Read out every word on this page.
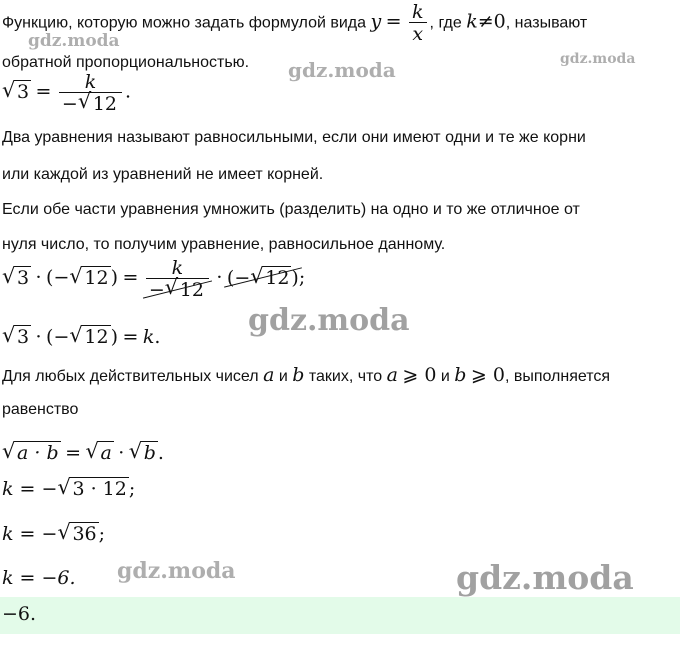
Функцию, которую можно задать формулой вида $y = \frac{k}{x}$ , где k≠0, называют
обратной пропорциональностью.
√ $3 = \frac{k}{- √ 12}$ .
Два уравнения называют равносильными, если они имеют одни и те же корни
или каждой из уравнений не имеет корней.
Если обе части уравнения умножить (разделить) на одно и то же отличное от
нуля число, то получим уравнение, равносильное данному.
√ 3 · (− √ 12 ) = $\frac{k}{- √ 12}$ · (− √ 12 );
√ 3 · (− √ 12 ) = k.
Для любых действительных чисел a и b таких, что a ⩾ 0 и b ⩾ 0, выполняется
равенство
√ a · b = √ a · √ b .
k = − √ 3 · 12 ;
k = − √ 36 ;
k = −6.
−6.
gdz.moda
gdz.moda	gdz.moda
gdz.moda
gdz.moda	gdz.moda
